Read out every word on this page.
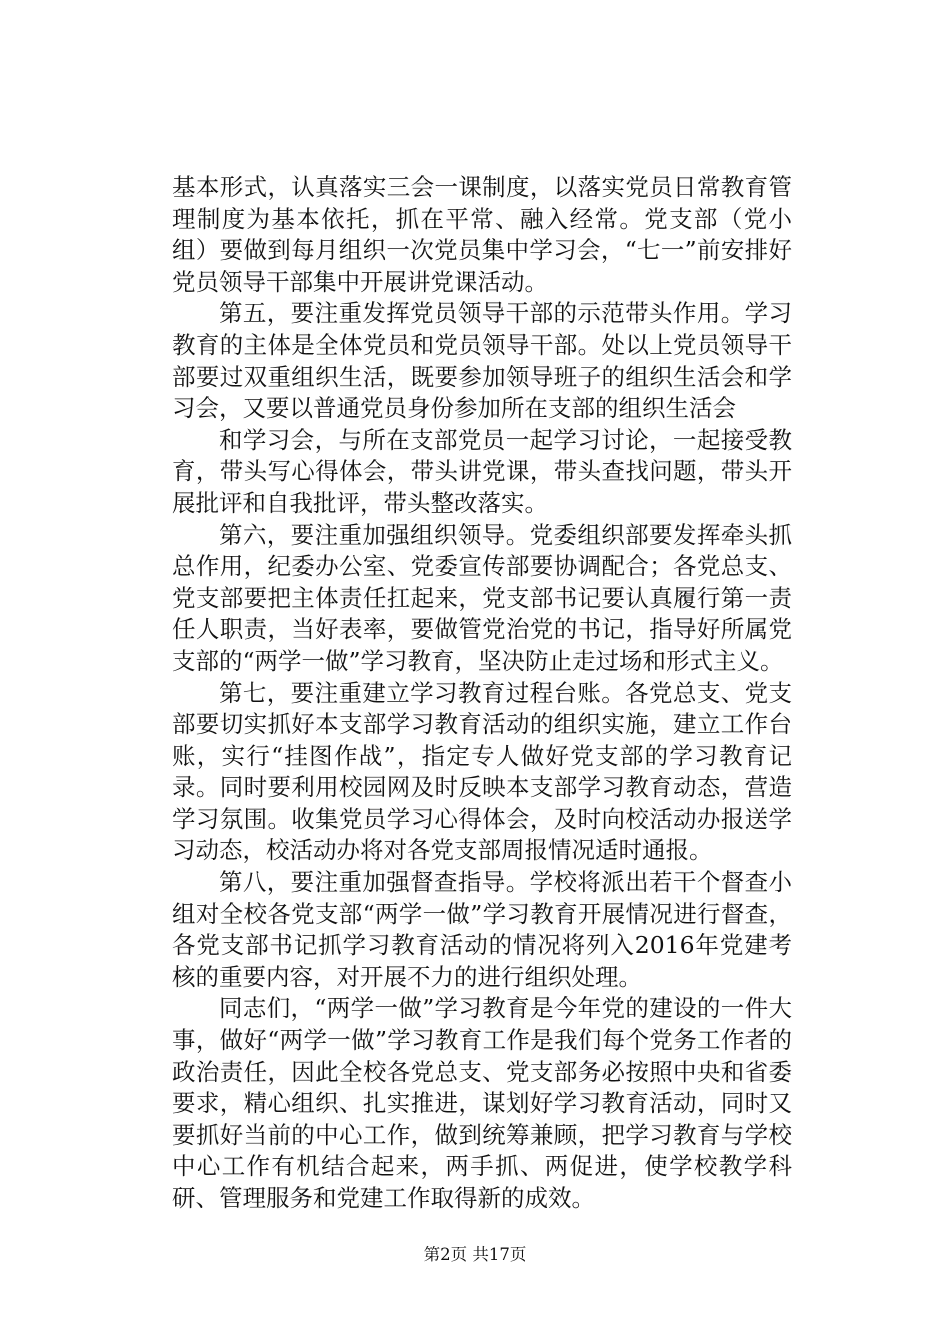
基本形式，认真落实三会一课制度，以落实党员日常教育管理制度为基本依托，抓在平常、融入经常。党支部（党小组）要做到每月组织一次党员集中学习会，“七一”前安排好党员领导干部集中开展讲党课活动。

第五，要注重发挥党员领导干部的示范带头作用。学习教育的主体是全体党员和党员领导干部。处以上党员领导干部要过双重组织生活，既要参加领导班子的组织生活会和学习会，又要以普通党员身份参加所在支部的组织生活会

和学习会，与所在支部党员一起学习讨论，一起接受教育，带头写心得体会，带头讲党课，带头查找问题，带头开展批评和自我批评，带头整改落实。

第六，要注重加强组织领导。党委组织部要发挥牵头抓总作用，纪委办公室、党委宣传部要协调配合；各党总支、党支部要把主体责任扛起来，党支部书记要认真履行第一责任人职责，当好表率，要做管党治党的书记，指导好所属党支部的“两学一做”学习教育，坚决防止走过场和形式主义。

第七，要注重建立学习教育过程台账。各党总支、党支部要切实抓好本支部学习教育活动的组织实施，建立工作台账，实行“挂图作战”，指定专人做好党支部的学习教育记录。同时要利用校园网及时反映本支部学习教育动态，营造学习氛围。收集党员学习心得体会，及时向校活动办报送学习动态，校活动办将对各党支部周报情况适时通报。

第八，要注重加强督查指导。学校将派出若干个督查小组对全校各党支部“两学一做”学习教育开展情况进行督查，各党支部书记抓学习教育活动的情况将列入2016年党建考核的重要内容，对开展不力的进行组织处理。

同志们，“两学一做”学习教育是今年党的建设的一件大事，做好“两学一做”学习教育工作是我们每个党务工作者的政治责任，因此全校各党总支、党支部务必按照中央和省委要求，精心组织、扎实推进，谋划好学习教育活动，同时又要抓好当前的中心工作，做到统筹兼顾，把学习教育与学校中心工作有机结合起来，两手抓、两促进，使学校教学科研、管理服务和党建工作取得新的成效。

第2页 共17页
